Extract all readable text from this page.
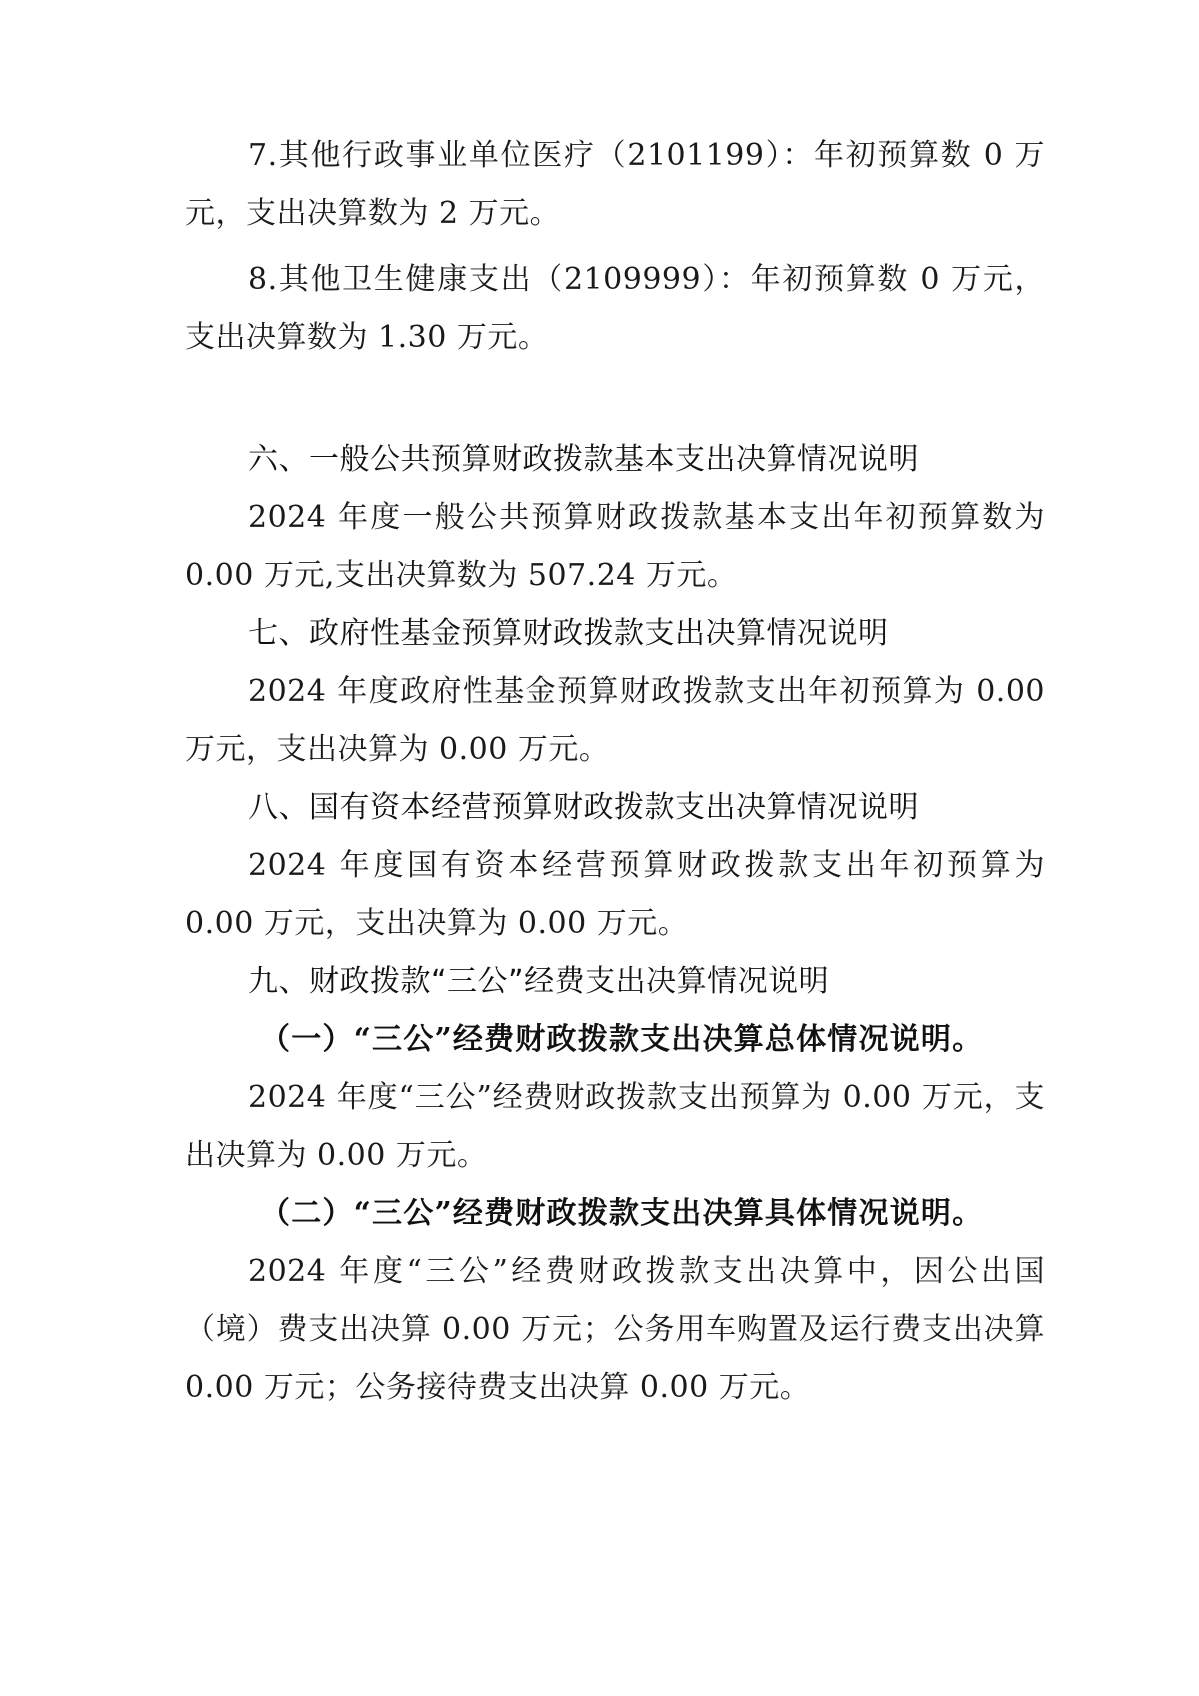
7.其他行政事业单位医疗（2101199）：年初预算数 0 万元，支出决算数为 2 万元。

8.其他卫生健康支出（2109999）：年初预算数 0 万元，支出决算数为 1.30 万元。

六、一般公共预算财政拨款基本支出决算情况说明

2024 年度一般公共预算财政拨款基本支出年初预算数为 0.00 万元,支出决算数为 507.24 万元。

七、政府性基金预算财政拨款支出决算情况说明

2024 年度政府性基金预算财政拨款支出年初预算为 0.00 万元，支出决算为 0.00 万元。

八、国有资本经营预算财政拨款支出决算情况说明

2024 年度国有资本经营预算财政拨款支出年初预算为 0.00 万元，支出决算为 0.00 万元。

九、财政拨款“三公”经费支出决算情况说明

（一）“三公”经费财政拨款支出决算总体情况说明。

2024 年度“三公”经费财政拨款支出预算为 0.00 万元，支出决算为 0.00 万元。

（二）“三公”经费财政拨款支出决算具体情况说明。

2024 年度“三公”经费财政拨款支出决算中，因公出国（境）费支出决算 0.00 万元；公务用车购置及运行费支出决算 0.00 万元；公务接待费支出决算 0.00 万元。
